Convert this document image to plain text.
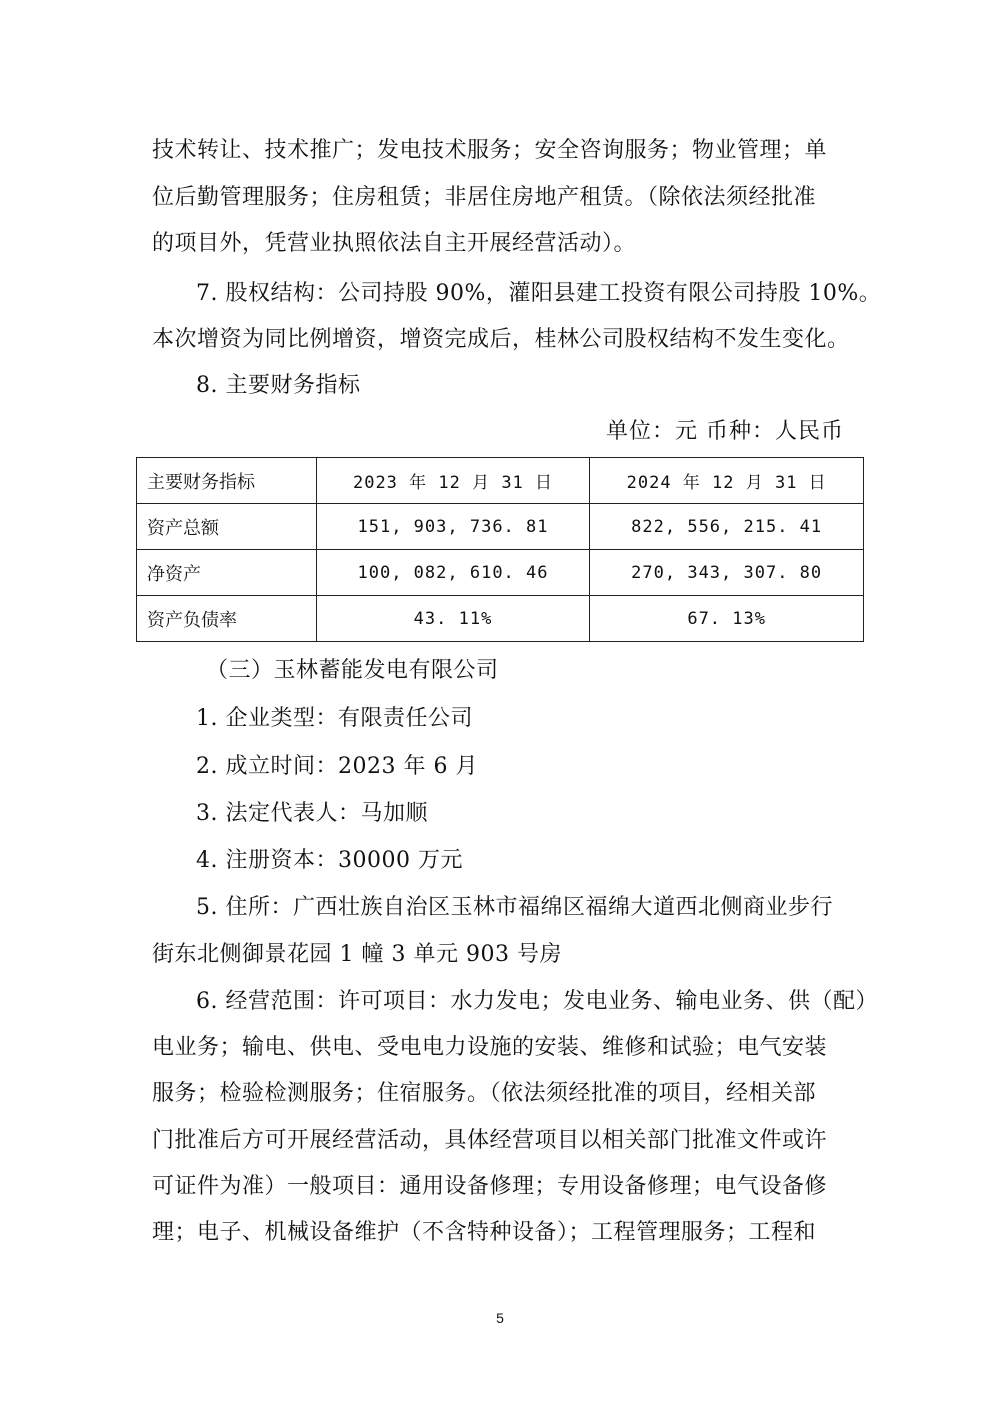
技术转让、技术推广；发电技术服务；安全咨询服务；物业管理；单
位后勤管理服务；住房租赁；非居住房地产租赁。（除依法须经批准
的项目外，凭营业执照依法自主开展经营活动）。
7. 股权结构：公司持股 90%，灌阳县建工投资有限公司持股 10%。
本次增资为同比例增资，增资完成后，桂林公司股权结构不发生变化。
8. 主要财务指标
单位：元 币种：人民币
主要财务指标	2023 年 12 月 31 日	2024 年 12 月 31 日
资产总额	151, 903, 736. 81	822, 556, 215. 41
净资产	100, 082, 610. 46	270, 343, 307. 80
资产负债率	43. 11%	67. 13%
（三）玉林蓄能发电有限公司
1. 企业类型：有限责任公司
2. 成立时间：2023 年 6 月
3. 法定代表人：马加顺
4. 注册资本：30000 万元
5. 住所：广西壮族自治区玉林市福绵区福绵大道西北侧商业步行
街东北侧御景花园 1 幢 3 单元 903 号房
6. 经营范围：许可项目：水力发电；发电业务、输电业务、供（配）
电业务；输电、供电、受电电力设施的安装、维修和试验；电气安装
服务；检验检测服务；住宿服务。（依法须经批准的项目，经相关部
门批准后方可开展经营活动，具体经营项目以相关部门批准文件或许
可证件为准）一般项目：通用设备修理；专用设备修理；电气设备修
理；电子、机械设备维护（不含特种设备）；工程管理服务；工程和
5
